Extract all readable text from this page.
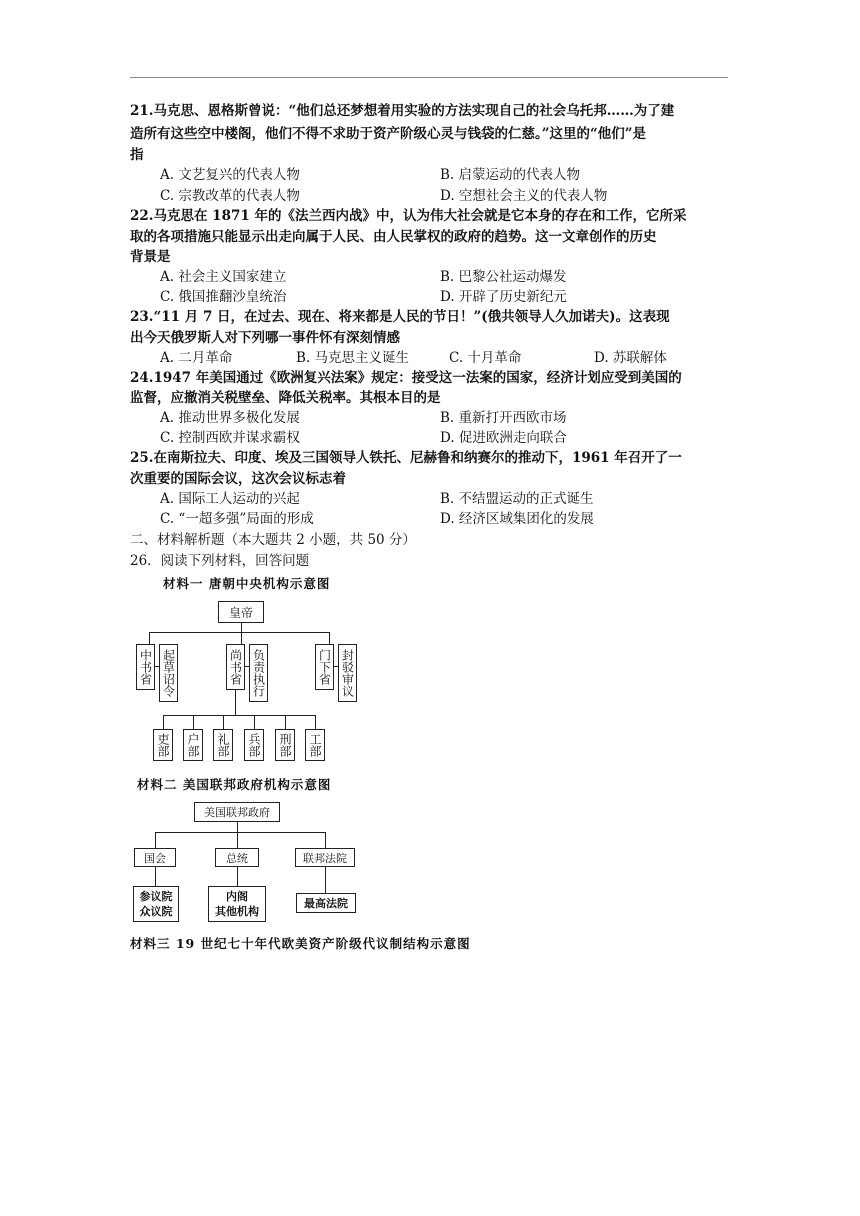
21.马克思、恩格斯曾说：“他们总还梦想着用实验的方法实现自己的社会乌托邦……为了建
造所有这些空中楼阁，他们不得不求助于资产阶级心灵与钱袋的仁慈。”这里的“他们”是
指
A. 文艺复兴的代表人物	B. 启蒙运动的代表人物
C. 宗教改革的代表人物	D. 空想社会主义的代表人物
22.马克思在 1871 年的《法兰西内战》中，认为伟大社会就是它本身的存在和工作，它所采
取的各项措施只能显示出走向属于人民、由人民掌权的政府的趋势。这一文章创作的历史
背景是
A. 社会主义国家建立	B. 巴黎公社运动爆发
C. 俄国推翻沙皇统治	D. 开辟了历史新纪元
23.“11 月 7 日，在过去、现在、将来都是人民的节日！”(俄共领导人久加诺夫)。这表现
出今天俄罗斯人对下列哪一事件怀有深刻情感
A. 二月革命	B. 马克思主义诞生	C. 十月革命	D. 苏联解体
24.1947 年美国通过《欧洲复兴法案》规定：接受这一法案的国家，经济计划应受到美国的
监督，应撤消关税壁垒、降低关税率。其根本目的是
A. 推动世界多极化发展	B. 重新打开西欧市场
C. 控制西欧并谋求霸权	D. 促进欧洲走向联合
25.在南斯拉夫、印度、埃及三国领导人铁托、尼赫鲁和纳赛尔的推动下，1961 年召开了一
次重要的国际会议，这次会议标志着
A. 国际工人运动的兴起	B. 不结盟运动的正式诞生
C. “一超多强”局面的形成	D. 经济区域集团化的发展
二、材料解析题（本大题共 2 小题，共 50 分）
26．阅读下列材料，回答问题
材料一 唐朝中央机构示意图
皇帝
中书省 起草诏令	尚书省 负责执行	门下省 封驳审议
吏部 户部 礼部 兵部 刑部 工部
材料二 美国联邦政府机构示意图
美国联邦政府
国会	总统	联邦法院
参议院
众议院
内阁
其他机构
最高法院
材料三 19 世纪七十年代欧美资产阶级代议制结构示意图
